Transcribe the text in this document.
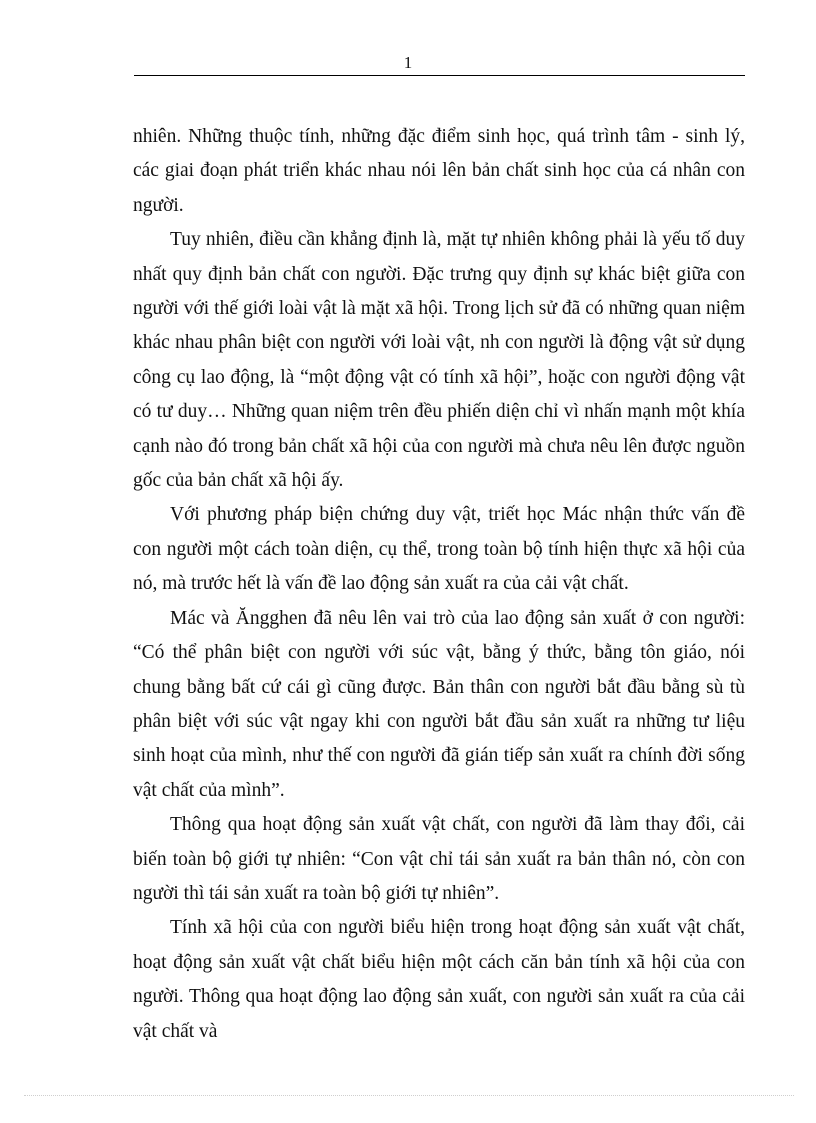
1

nhiên. Những thuộc tính, những đặc điểm sinh học, quá trình tâm - sinh lý, các giai đoạn phát triển khác nhau nói lên bản chất sinh học của cá nhân con người.

Tuy nhiên, điều cần khẳng định là, mặt tự nhiên không phải là yếu tố duy nhất quy định bản chất con người. Đặc trưng quy định sự khác biệt giữa con người với thế giới loài vật là mặt xã hội. Trong lịch sử đã có những quan niệm khác nhau phân biệt con người với loài vật, nh con người là động vật sử dụng công cụ lao động, là “một động vật có tính xã hội”, hoặc con người động vật có tư duy… Những quan niệm trên đều phiến diện chỉ vì nhấn mạnh một khía cạnh nào đó trong bản chất xã hội của con người mà chưa nêu lên được nguồn gốc của bản chất xã hội ấy.

Với phương pháp biện chứng duy vật, triết học Mác nhận thức vấn đề con người một cách toàn diện, cụ thể, trong toàn bộ tính hiện thực xã hội của nó, mà trước hết là vấn đề lao động sản xuất ra của cải vật chất.

Mác và Ăngghen đã nêu lên vai trò của lao động sản xuất ở con người: “Có thể phân biệt con người với súc vật, bằng ý thức, bằng tôn giáo, nói chung bằng bất cứ cái gì cũng được. Bản thân con người bắt đầu bằng sù tù phân biệt với súc vật ngay khi con người bắt đầu sản xuất ra những tư liệu sinh hoạt của mình, như thế con người đã gián tiếp sản xuất ra chính đời sống vật chất của mình”.

Thông qua hoạt động sản xuất vật chất, con người đã làm thay đổi, cải biến toàn bộ giới tự nhiên: “Con vật chỉ tái sản xuất ra bản thân nó, còn con người thì tái sản xuất ra toàn bộ giới tự nhiên”.

Tính xã hội của con người biểu hiện trong hoạt động sản xuất vật chất, hoạt động sản xuất vật chất biểu hiện một cách căn bản tính xã hội của con người. Thông qua hoạt động lao động sản xuất, con người sản xuất ra của cải vật chất và
